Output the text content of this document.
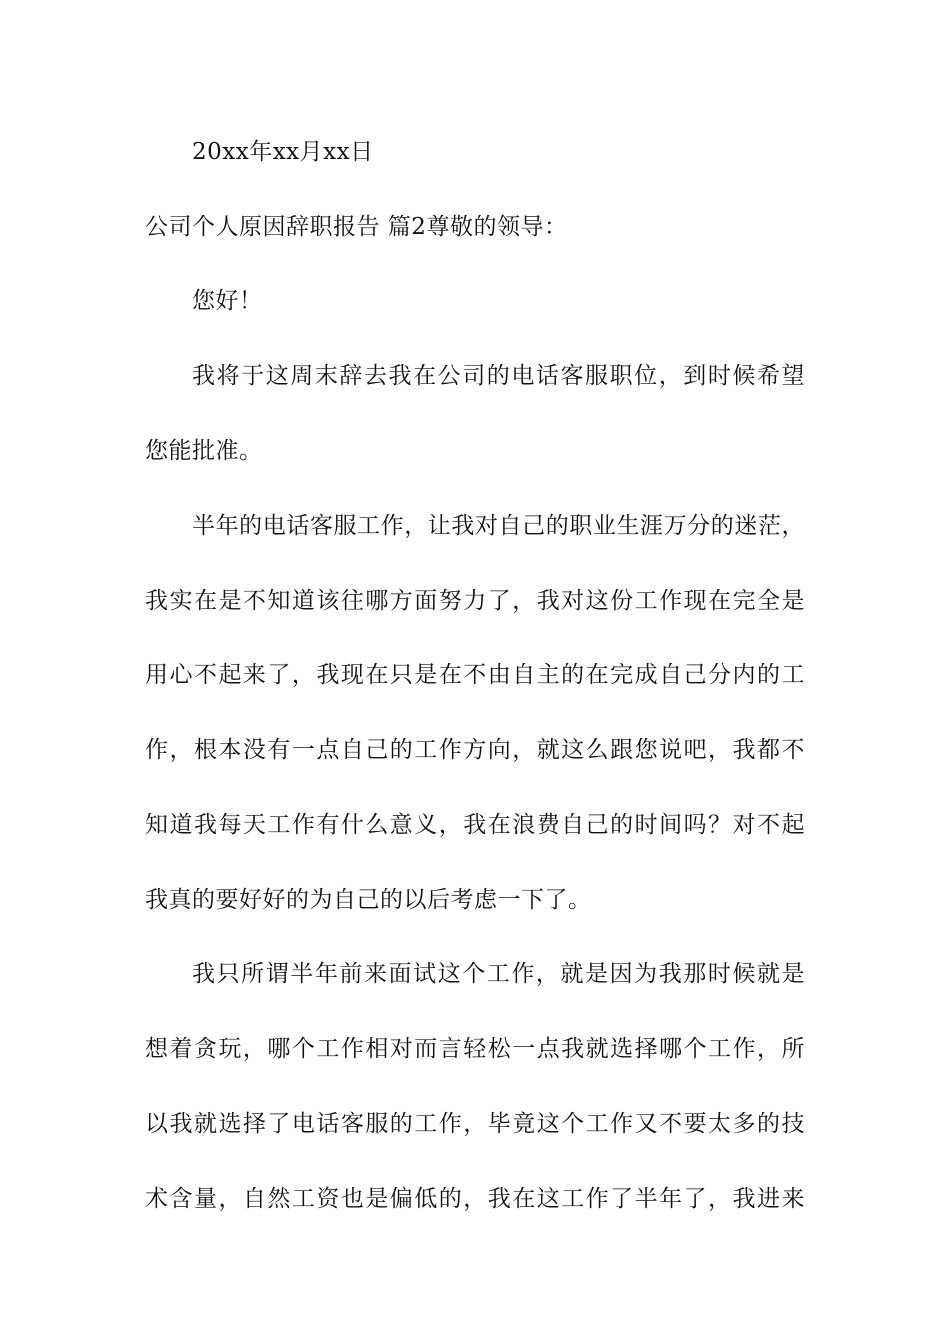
20xx年xx月xx日
公司个人原因辞职报告 篇2尊敬的领导：
您好！
我将于这周末辞去我在公司的电话客服职位，到时候希望
您能批准。
半年的电话客服工作，让我对自己的职业生涯万分的迷茫，
我实在是不知道该往哪方面努力了，我对这份工作现在完全是
用心不起来了，我现在只是在不由自主的在完成自己分内的工
作，根本没有一点自己的工作方向，就这么跟您说吧，我都不
知道我每天工作有什么意义，我在浪费自己的时间吗？对不起
我真的要好好的为自己的以后考虑一下了。
我只所谓半年前来面试这个工作，就是因为我那时候就是
想着贪玩，哪个工作相对而言轻松一点我就选择哪个工作，所
以我就选择了电话客服的工作，毕竟这个工作又不要太多的技
术含量，自然工资也是偏低的，我在这工作了半年了，我进来
